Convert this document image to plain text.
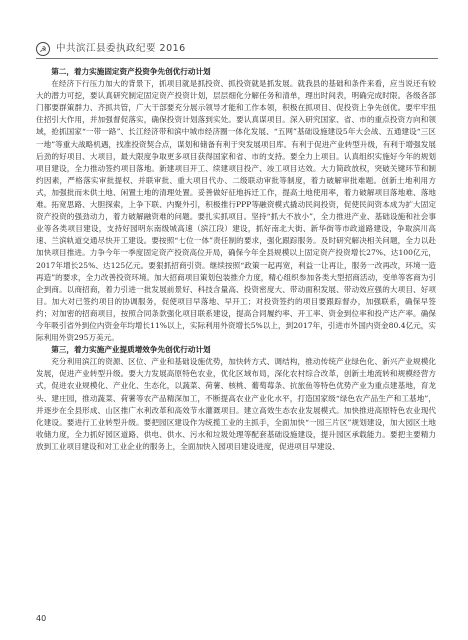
☭ 中共滨江县委执政纪要 2016
第二，着力实施固定资产投资争先创优行动计划

在经济下行压力加大的背景下，抓项目就是抓投资、抓投资就是抓发展。就我县的基础和条件来看，应当说还有较大的潜力可挖，要认真研究制定固定资产投资计划，层层细化分解任务和清单，理出时间表，明确完成时限。各级各部门都要群策群力、齐抓共管，广大干部要充分展示领导才能和工作本领，积极在抓项目、促投资上争先创优。要牢牢扭住招引大作用，并加强督促落实，确保投资计划落到实处。要认真谋项目。深入研究国家、省、市的重点投资方向和领域，抢抓国家“一带一路”、长江经济带和滨中城市经济圈一体化发展、“五网”基础设施建设5年大会战、五通建设“三区一地”等重大战略机遇，找准投资契合点，谋划和储备有利于突发展项目库。有利于促进产业转型升级，有利于增强发展后劲的好项目、大项目，最大限度争取更多项目获得国家和省、市的支持。要全力上项目。认真组织实施好今年的规划项目建设，全力推动签约项目落地。新建项目开工、续建项目投产、竣工项目达效。大力简政放权，突破关键环节和制约因素，严格落实审批提权、并联审批、重大项目代办、二级联动审批等制度，着力破解审批难题。创新土地利用方式，加强批而未供土地、闲置土地的清理处置。妥善做好征地拆迁工作，提高土地使用率，着力破解项目落地难、落地难。拓宽思路、大胆探索，上争下联、内聚外引，积极推行PPP等融资模式撬动民间投资，促使民间资本成为扩大固定资产投资的强劲动力，着力破解融资难的问题。要扎实抓项目。坚持“抓大不放小”，全力推进产业、基础设施和社会事业等各类项目建设，支持好园明东南级城高速（滨江段）建设，抓好南北大街、新华街等市政道路建设，争取滨川高速、兰滨轨道交通尽快开工建设。要按照“七位一体”责任制的要求，强化跟踪服务。及时研究解决相关问题，全力以赴加快项目推进。力争今年一季度固定资产投资高位开局，确保今年全县规模以上固定资产投资增长27%、达100亿元，2017年增长25%、达125亿元。要狠抓招商引资。继续按照“政策一起再宽，利益一让再让，服务一改再改，环境一造再造”的要求，全力改善投资环境。加大招商项目策划包装推介力度，精心组织参加各类大型招商活动，变单等客商为引企到商。以商招商，着力引进一批发展前景好、科技含量高、投资密度大、带动面积发展、带动效应强的大项目、好项目。加大对已签约项目的协调服务，促使项目早落地、早开工；对投资签约的项目要跟踪督办，加强联系，确保早签约；对加密的招商项目，按照合同条款强化项目联系建设，提高合同履约率、开工率、资金到位率和投产达产率。确保今年吸引省外到位内资金年均增长11%以上，实际利用外资增长5%以上，到2017年，引进市外国内资金80.4亿元，实际利用外资295万美元。

第三，着力实施产业提质增效争先创优行动计划

充分利用滨江的资源、区位、产业和基础设施优势，加快转方式、调结构，推动传统产业绿色化、新兴产业规模化发展，促进产业转型升级。要大力发展高原特色农业，优化区域布局，深化农村综合改革，创新土地流转和规模经营方式，促进农业规模化、产业化、生态化，以蔬菜、荷薯、核桃、葡萄莓条、抗旅鱼等特色优势产业为重点建基地，育龙头、建庄园，推动蔬菜、荷薯等农产品精深加工，不断提高农业产业化水平，打造国家级“绿色农产品生产和工基地”，并逐步在全县形成、山区推广水利改革和高效节水灌溉项目。建立高效生态农业发展模式。加快推进高原特色农业现代化建设。要进行工业转型升级。要把园区建设作为统揽工业的主抓手，全面加快“一园三片区”规划建设，加大园区土地收储力度，全力抓好园区道路、供电、供水、污水和垃圾处理等配套基础设施建设，提升园区承载能力。要把主要精力放到工业项目建设和对工业企业的服务上，全面加快入园项目建设进度，促进项目早建设、

40
